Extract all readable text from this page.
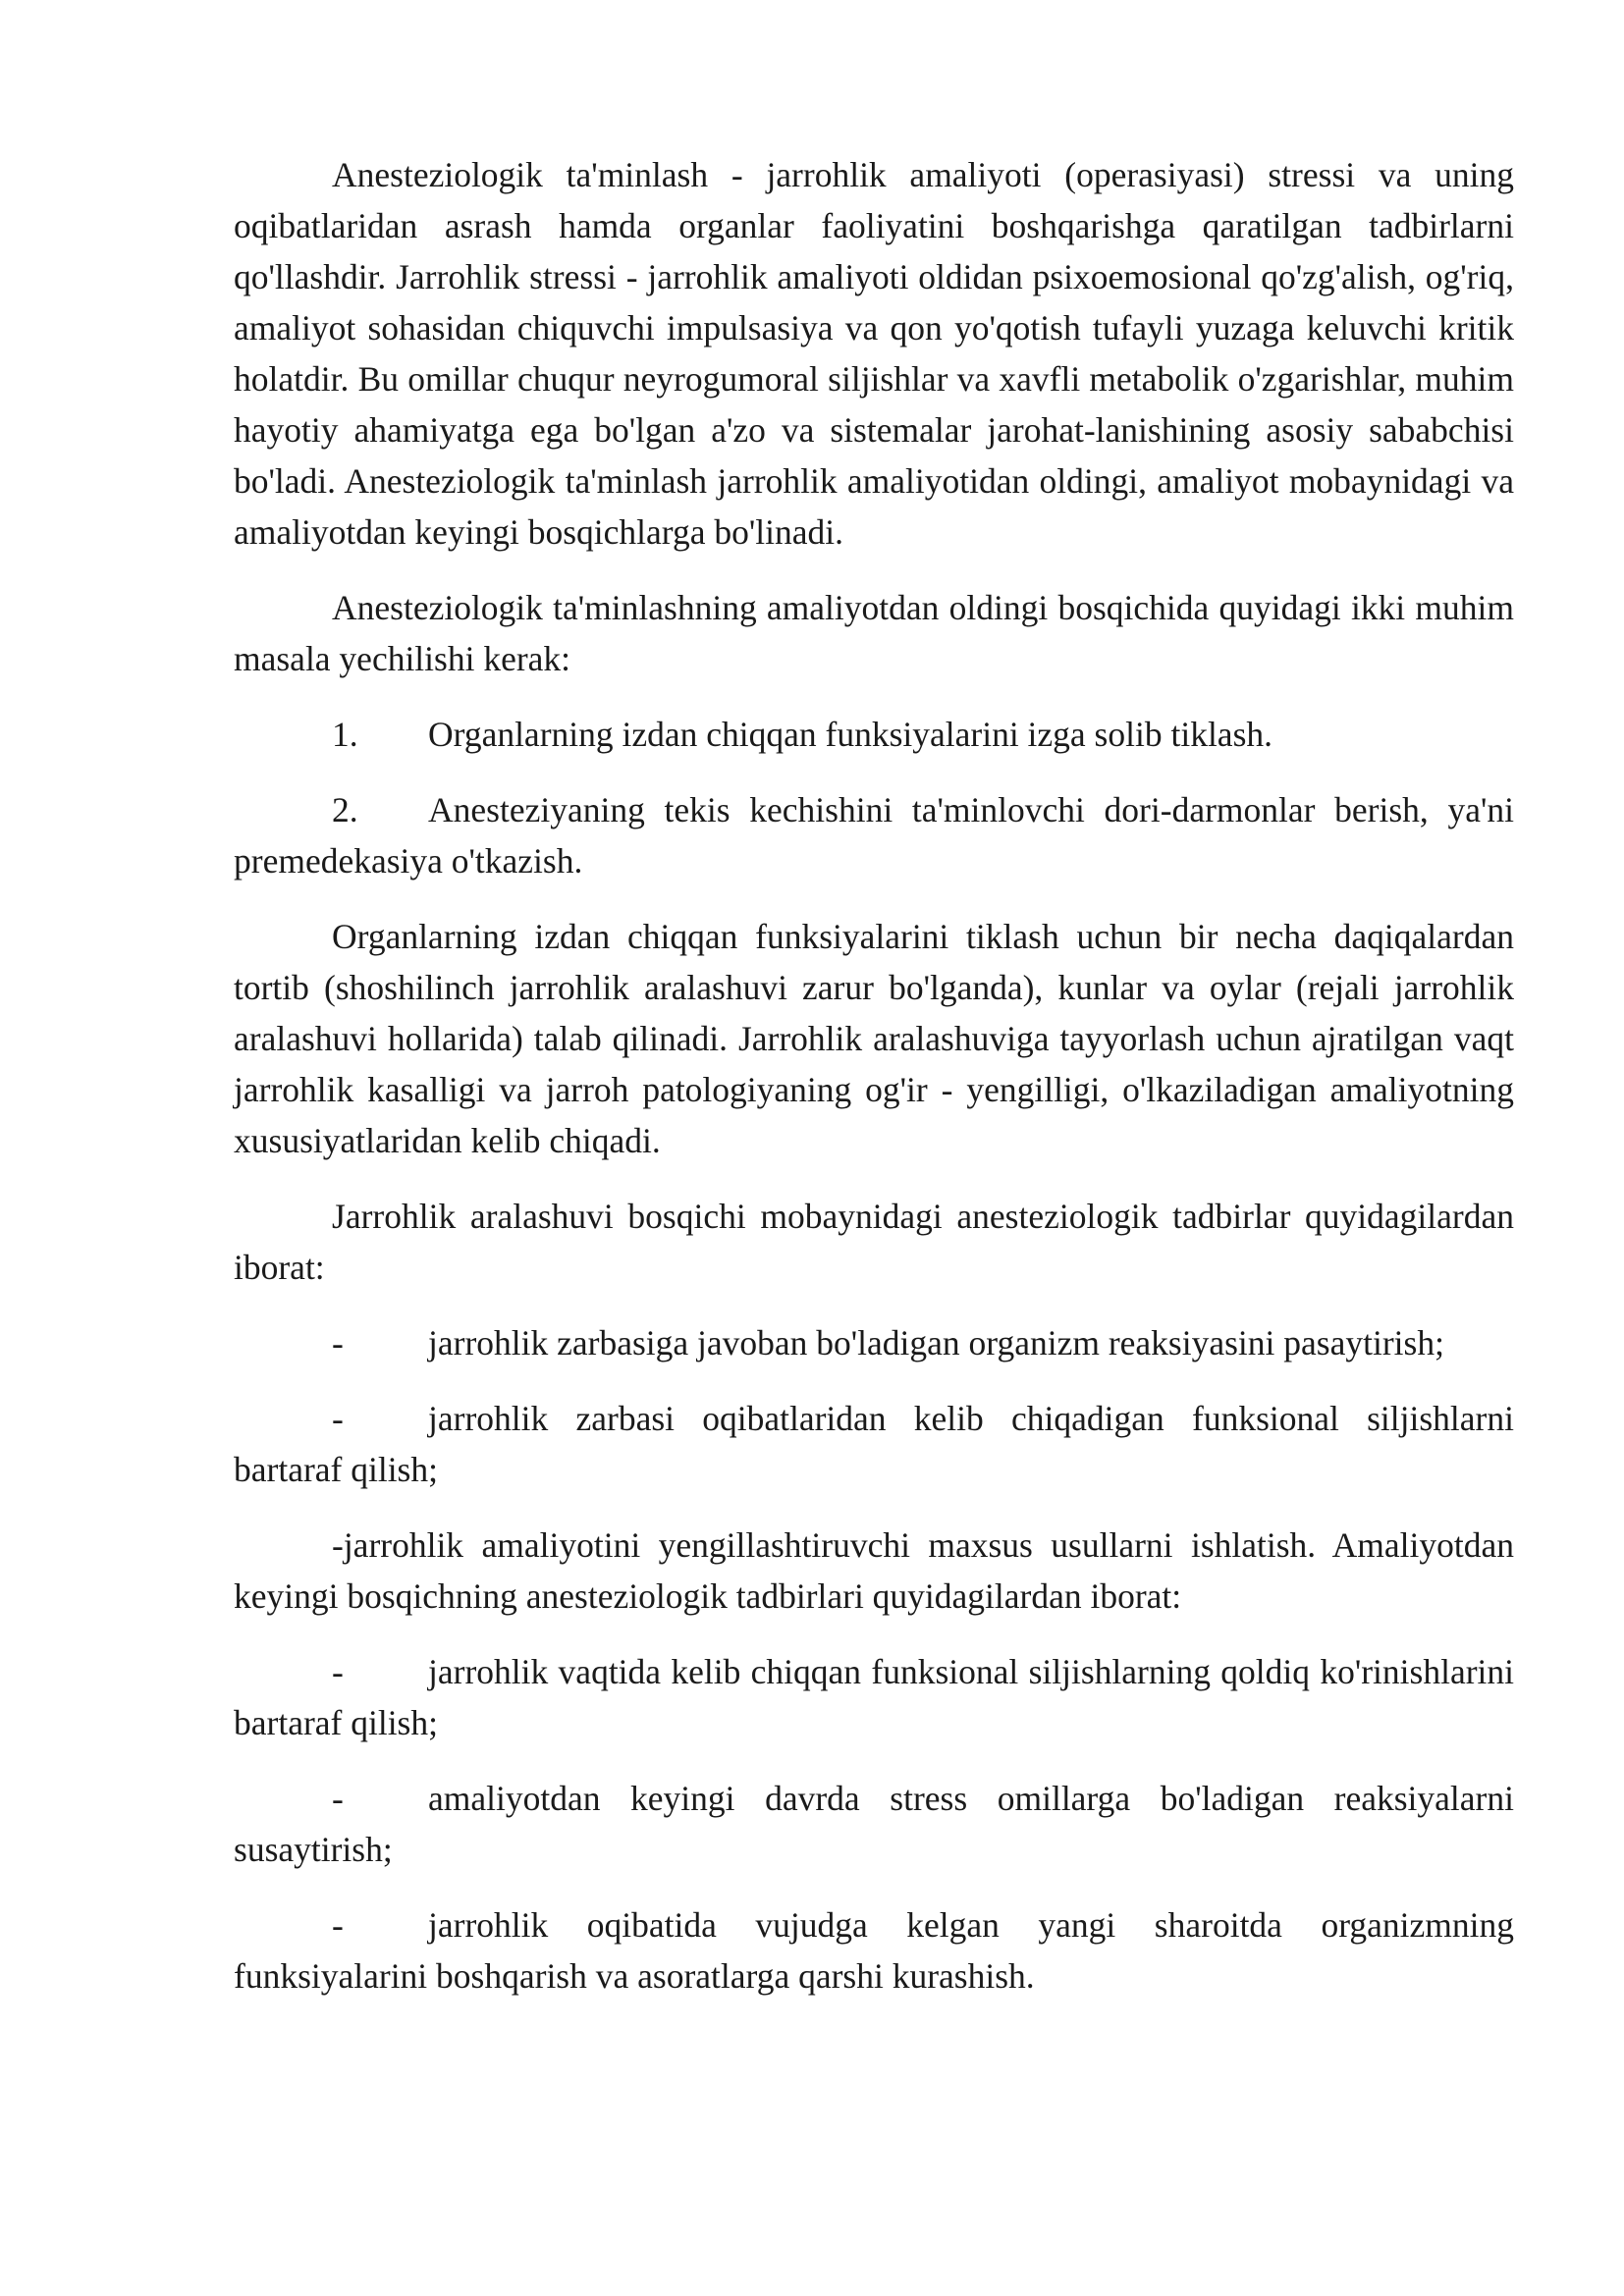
Anesteziologik ta'minlash - jarrohlik amaliyoti (operasiyasi) stressi va uning oqibatlaridan asrash hamda organlar faoliyatini boshqarishga qaratilgan tadbirlarni qo'llashdir. Jarrohlik stressi - jarrohlik amaliyoti oldidan psixoemosional qo'zg'alish, og'riq, amaliyot sohasidan chiquvchi impulsasiya va qon yo'qotish tufayli yuzaga keluvchi kritik holatdir. Bu omillar chuqur neyrogumoral siljishlar va xavfli metabolik o'zgarishlar, muhim hayotiy ahamiyatga ega bo'lgan a'zo va sistemalar jarohat-lanishining asosiy sababchisi bo'ladi. Anesteziologik ta'minlash jarrohlik amaliyotidan oldingi, amaliyot mobaynidagi va amaliyotdan keyingi bosqichlarga bo'linadi.

Anesteziologik ta'minlashning amaliyotdan oldingi bosqichida quyidagi ikki muhim masala yechilishi kerak:

1. Organlarning izdan chiqqan funksiyalarini izga solib tiklash.

2. Anesteziyaning tekis kechishini ta'minlovchi dori-darmonlar berish, ya'ni premedekasiya o'tkazish.

Organlarning izdan chiqqan funksiyalarini tiklash uchun bir necha daqiqalardan tortib (shoshilinch jarrohlik aralashuvi zarur bo'lganda), kunlar va oylar (rejali jarrohlik aralashuvi hollarida) talab qilinadi. Jarrohlik aralashuviga tayyorlash uchun ajratilgan vaqt jarrohlik kasalligi va jarroh patologiyaning og'ir - yengilligi, o'lkaziladigan amaliyotning xususiyatlaridan kelib chiqadi.

Jarrohlik aralashuvi bosqichi mobaynidagi anesteziologik tadbirlar quyidagilardan iborat:

- jarrohlik zarbasiga javoban bo'ladigan organizm reaksiyasini pasaytirish;

- jarrohlik zarbasi oqibatlaridan kelib chiqadigan funksional siljishlarni bartaraf qilish;

-jarrohlik amaliyotini yengillashtiruvchi maxsus usullarni ishlatish. Amaliyotdan keyingi bosqichning anesteziologik tadbirlari quyidagilardan iborat:

- jarrohlik vaqtida kelib chiqqan funksional siljishlarning qoldiq ko'rinishlarini bartaraf qilish;

- amaliyotdan keyingi davrda stress omillarga bo'ladigan reaksiyalarni susaytirish;

- jarrohlik oqibatida vujudga kelgan yangi sharoitda organizmning funksiyalarini boshqarish va asoratlarga qarshi kurashish.
